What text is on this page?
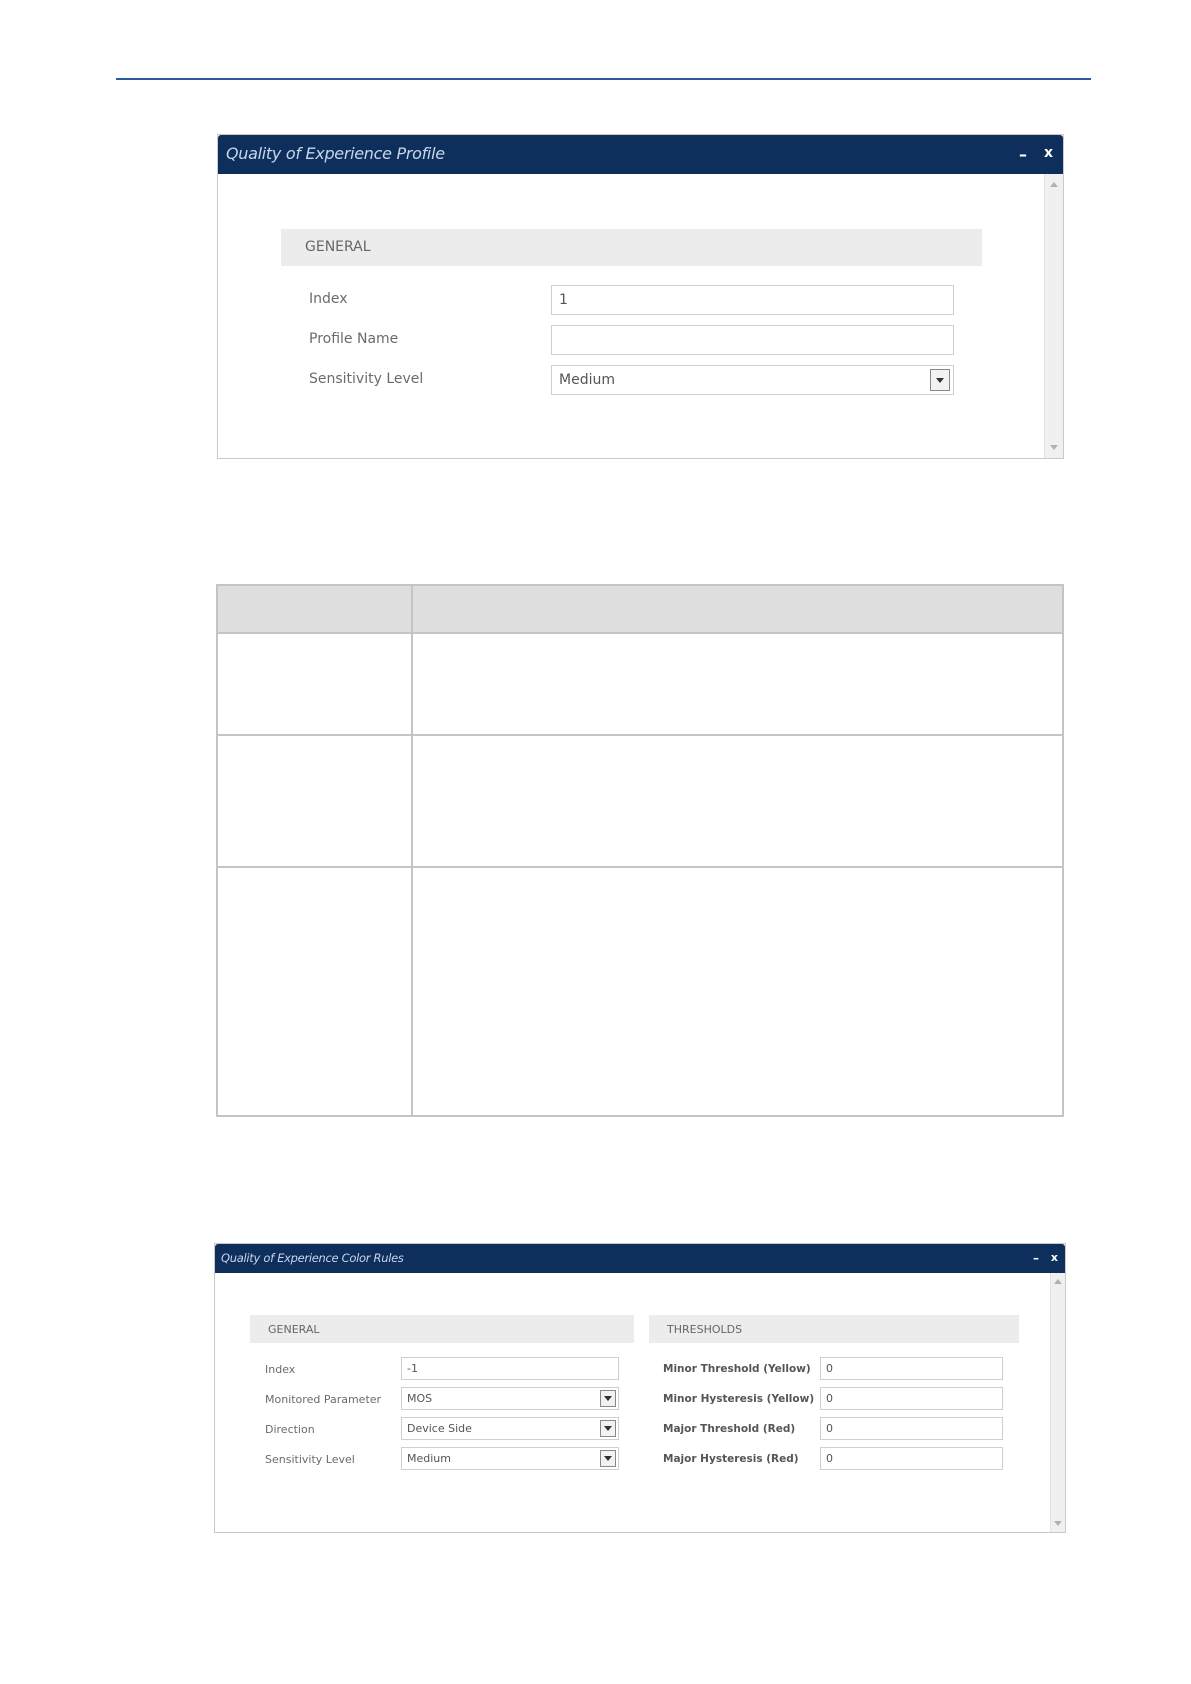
Quality of Experience Profile	– x
GENERAL
Index	1
Profile Name
Sensitivity Level	Medium
Quality of Experience Color Rules	– x
GENERAL
Index	-1
Monitored Parameter MOS
Direction	Device Side
Sensitivity Level	Medium
THRESHOLDS
Minor Threshold (Yellow) 0
Minor Hysteresis (Yellow) 0
Major Threshold (Red)	0
Major Hysteresis (Red) 0
